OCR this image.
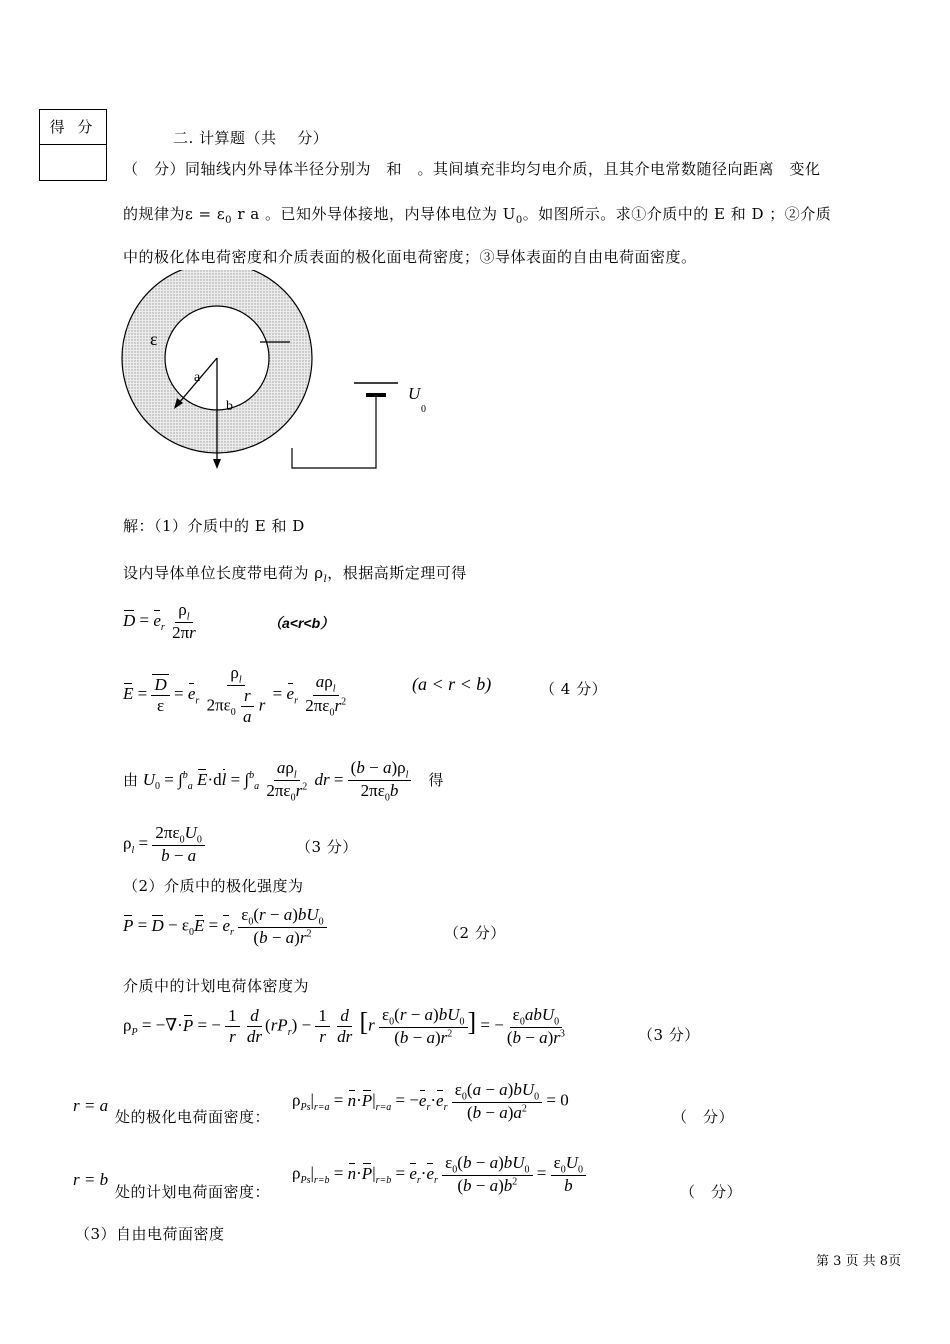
得 分
二. 计算题（共　 分）
（　分）同轴线内外导体半径分别为　和　。其间填充非均匀电介质，且其介电常数随径向距离　变化
的规律为$\varepsilon = \varepsilon_0$ r a 。已知外导体接地，内导体电位为 $U_0$。如图所示。求①介质中的 E 和 D ；②介质
中的极化体电荷密度和介质表面的极化面电荷密度；③导体表面的自由电荷面密度。
ε
a
b
U
0
解：（1）介质中的 E 和 D
设内导体单位长度带电荷为 $\rho_l$，根据高斯定理可得
$D = e_r \frac{\rho_l}{2\pi r}$	（a<r<b）
$E = \frac{D}{\varepsilon} = e_r \frac{\rho_l}{2\pi\varepsilon_0 \frac{r}{a} r} = e_r \frac{a\rho_l}{2\pi\varepsilon_0r^2}$	(a < r < b)	（ 4 分）
由 $U_0 = \int^b_a$ $E\cdot dl = \int^b_a \frac{a\rho_l}{2\pi\varepsilon_0r^2}$ dr = $\frac{(b - a)\rho_l}{2\pi\varepsilon_0b}$ 得
$\rho_l = \frac{2\pi\varepsilon_0U_0}{b - a}$	（3 分）
（2）介质中的极化强度为
$P = D - \varepsilon_0E = e_r \frac{\varepsilon_0(r - a)bU_0}{(b - a)r^2}$	（2 分）
介质中的计划电荷体密度为
$\rho_P = -\nabla\cdot P$ = − $\frac{1}{r}$
$\frac{d}{dr} (rP_r) - \frac{1}{r}$
$\frac{d}{dr} [r \frac{\varepsilon_0(r - a)bU_0}{(b - a)r^2}$ ] = − $\frac{\varepsilon_0abU_0}{(b - a)r^3}$	（3 分）
r = a
处的极化电荷面密度：
$\rho_{Ps}|_{r=a} = n\cdot P|_{r=a} = -e_r\cdot e_r \frac{\varepsilon_0(a - a)bU_0}{(b - a)a^2} = 0$
（　分）
r = b
处的计划电荷面密度：
$\rho_{Ps}|_{r=b} = n\cdot P|_{r=b} = e_r\cdot e_r \frac{\varepsilon_0(b - a)bU_0}{(b - a)b^2} = \frac{\varepsilon_0U_0}{b}$	（　分）
（3）自由电荷面密度
第 3 页 共 8页
